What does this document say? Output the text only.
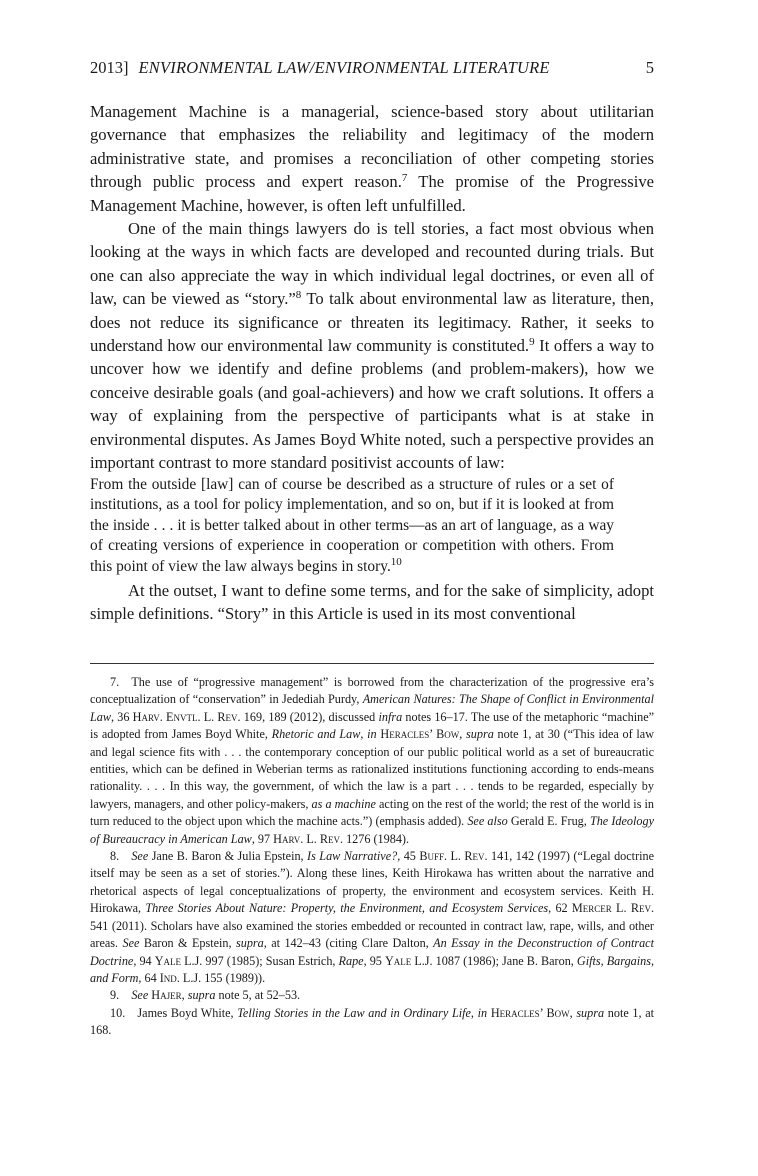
2013] ENVIRONMENTAL LAW/ENVIRONMENTAL LITERATURE	5

Management Machine is a managerial, science-based story about utilitarian governance that emphasizes the reliability and legitimacy of the modern administrative state, and promises a reconciliation of other competing stories through public process and expert reason.$^7$ The promise of the Progressive Management Machine, however, is often left unfulfilled.

One of the main things lawyers do is tell stories, a fact most obvious when looking at the ways in which facts are developed and recounted during trials. But one can also appreciate the way in which individual legal doctrines, or even all of law, can be viewed as “story.”$^8$ To talk about environmental law as literature, then, does not reduce its significance or threaten its legitimacy. Rather, it seeks to understand how our environmental law community is constituted.$^9$ It offers a way to uncover how we identify and define problems (and problem-makers), how we conceive desirable goals (and goal-achievers) and how we craft solutions. It offers a way of explaining from the perspective of participants what is at stake in environmental disputes. As James Boyd White noted, such a perspective provides an important contrast to more standard positivist accounts of law:

From the outside [law] can of course be described as a structure of rules or a set of institutions, as a tool for policy implementation, and so on, but if it is looked at from the inside . . . it is better talked about in other terms—as an art of language, as a way of creating versions of experience in cooperation or competition with others. From this point of view the law always begins in story.$^{10}$

At the outset, I want to define some terms, and for the sake of simplicity, adopt simple definitions. “Story” in this Article is used in its most conventional

7. The use of “progressive management” is borrowed from the characterization of the progressive era’s conceptualization of “conservation” in Jedediah Purdy, American Natures: The Shape of Conflict in Environmental Law, 36 Harv. Envtl. L. Rev. 169, 189 (2012), discussed infra notes 16–17. The use of the metaphoric “machine” is adopted from James Boyd White, Rhetoric and Law, in Heracles’ Bow, supra note 1, at 30 (“This idea of law and legal science fits with . . . the contemporary conception of our public political world as a set of bureaucratic entities, which can be defined in Weberian terms as rationalized institutions functioning according to ends-means rationality. . . . In this way, the government, of which the law is a part . . . tends to be regarded, especially by lawyers, managers, and other policy-makers, as a machine acting on the rest of the world; the rest of the world is in turn reduced to the object upon which the machine acts.”) (emphasis added). See also Gerald E. Frug, The Ideology of Bureaucracy in American Law, 97 Harv. L. Rev. 1276 (1984).

8. See Jane B. Baron & Julia Epstein, Is Law Narrative?, 45 Buff. L. Rev. 141, 142 (1997) (“Legal doctrine itself may be seen as a set of stories.”). Along these lines, Keith Hirokawa has written about the narrative and rhetorical aspects of legal conceptualizations of property, the environment and ecosystem services. Keith H. Hirokawa, Three Stories About Nature: Property, the Environment, and Ecosystem Services, 62 Mercer L. Rev. 541 (2011). Scholars have also examined the stories embedded or recounted in contract law, rape, wills, and other areas. See Baron & Epstein, supra, at 142–43 (citing Clare Dalton, An Essay in the Deconstruction of Contract Doctrine, 94 Yale L.J. 997 (1985); Susan Estrich, Rape, 95 Yale L.J. 1087 (1986); Jane B. Baron, Gifts, Bargains, and Form, 64 Ind. L.J. 155 (1989)).

9. See Hajer, supra note 5, at 52–53.

10. James Boyd White, Telling Stories in the Law and in Ordinary Life, in Heracles’ Bow, supra note 1, at 168.
